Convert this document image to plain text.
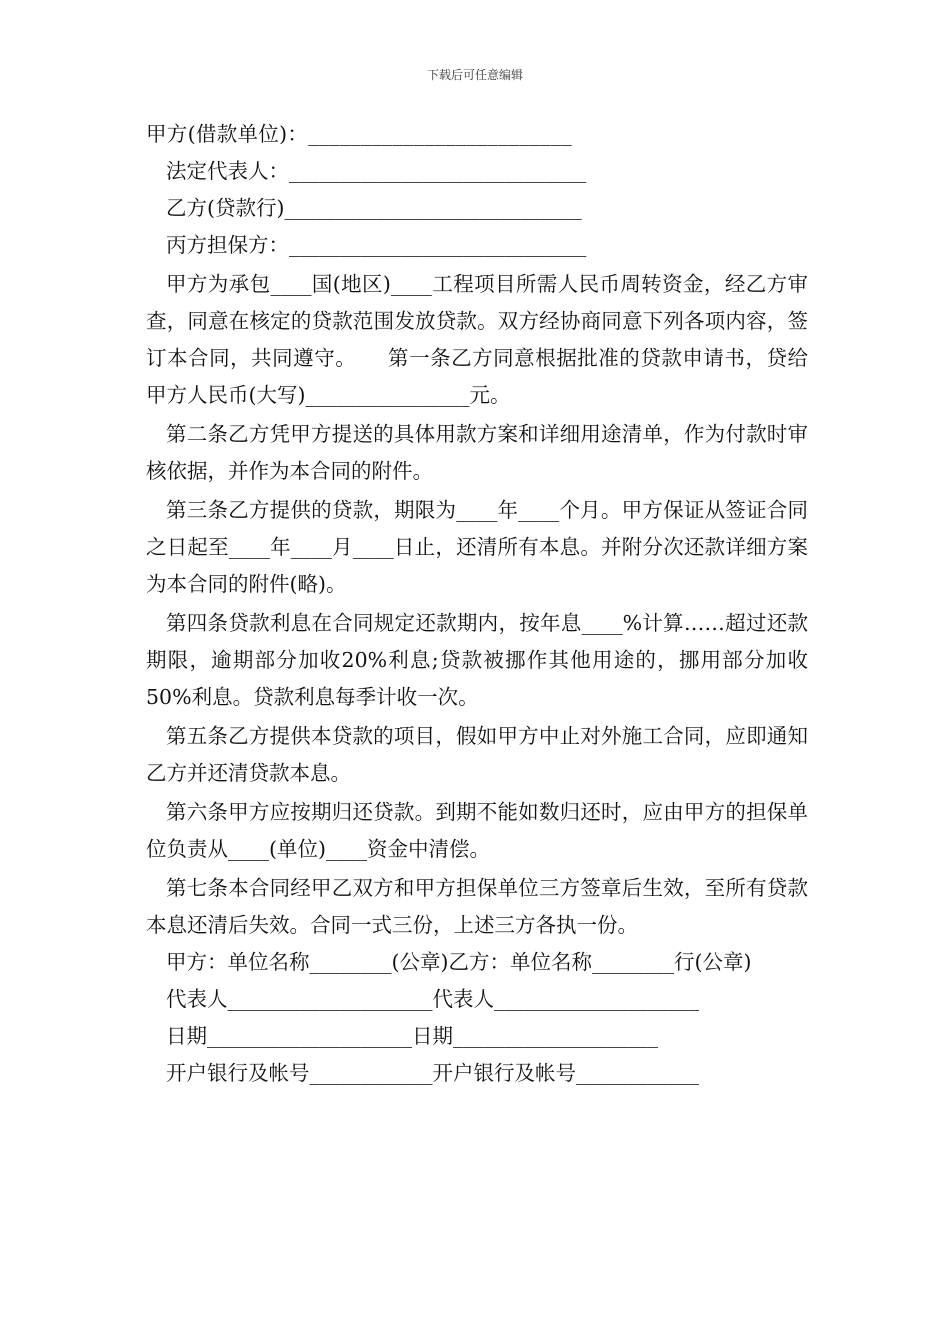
下载后可任意编辑

甲方(借款单位)：_________________________

法定代表人：_____________________________

乙方(贷款行)_____________________________

丙方担保方：_____________________________

甲方为承包____国(地区)____工程项目所需人民币周转资金，经乙方审查，同意在核定的贷款范围发放贷款。双方经协商同意下列各项内容，签订本合同，共同遵守。　　第一条乙方同意根据批准的贷款申请书，贷给甲方人民币(大写)________________元。

第二条乙方凭甲方提送的具体用款方案和详细用途清单，作为付款时审核依据，并作为本合同的附件。

第三条乙方提供的贷款，期限为____年____个月。甲方保证从签证合同之日起至____年____月____日止，还清所有本息。并附分次还款详细方案为本合同的附件(略)。

第四条贷款利息在合同规定还款期内，按年息____%计算……超过还款期限，逾期部分加收20%利息;贷款被挪作其他用途的，挪用部分加收50%利息。贷款利息每季计收一次。

第五条乙方提供本贷款的项目，假如甲方中止对外施工合同，应即通知乙方并还清贷款本息。

第六条甲方应按期归还贷款。到期不能如数归还时，应由甲方的担保单位负责从____(单位)____资金中清偿。

第七条本合同经甲乙双方和甲方担保单位三方签章后生效，至所有贷款本息还清后失效。合同一式三份，上述三方各执一份。

甲方：单位名称________(公章)乙方：单位名称________行(公章)

代表人____________________代表人____________________

日期____________________日期____________________

开户银行及帐号____________开户银行及帐号____________
